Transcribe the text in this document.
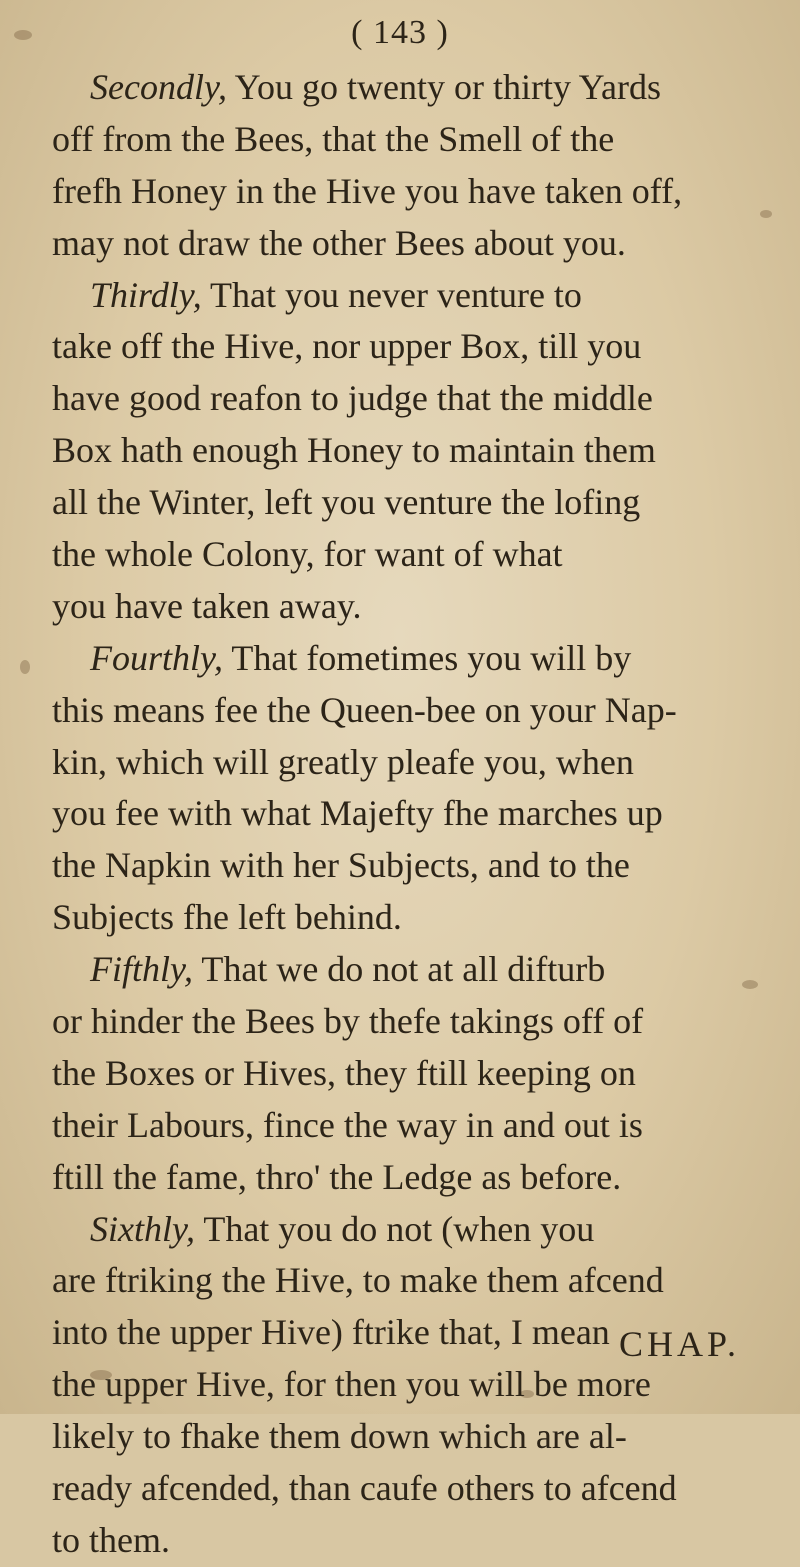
( 143 )
Secondly, You go twenty or thirty Yards
off from the Bees, that the Smell of the
frefh Honey in the Hive you have taken off,
may not draw the other Bees about you.
Thirdly, That you never venture to
take off the Hive, nor upper Box, till you
have good reafon to judge that the middle
Box hath enough Honey to maintain them
all the Winter, left you venture the lofing
the whole Colony, for want of what
you have taken away.
Fourthly, That fometimes you will by
this means fee the Queen-bee on your Nap-
kin, which will greatly pleafe you, when
you fee with what Majefty fhe marches up
the Napkin with her Subjects, and to the
Subjects fhe left behind.
Fifthly, That we do not at all difturb
or hinder the Bees by thefe takings off of
the Boxes or Hives, they ftill keeping on
their Labours, fince the way in and out is
ftill the fame, thro' the Ledge as before.
Sixthly, That you do not (when you
are ftriking the Hive, to make them afcend
into the upper Hive) ftrike that, I mean
the upper Hive, for then you will be more
likely to fhake them down which are al-
ready afcended, than caufe others to afcend
to them.
CHAP.
